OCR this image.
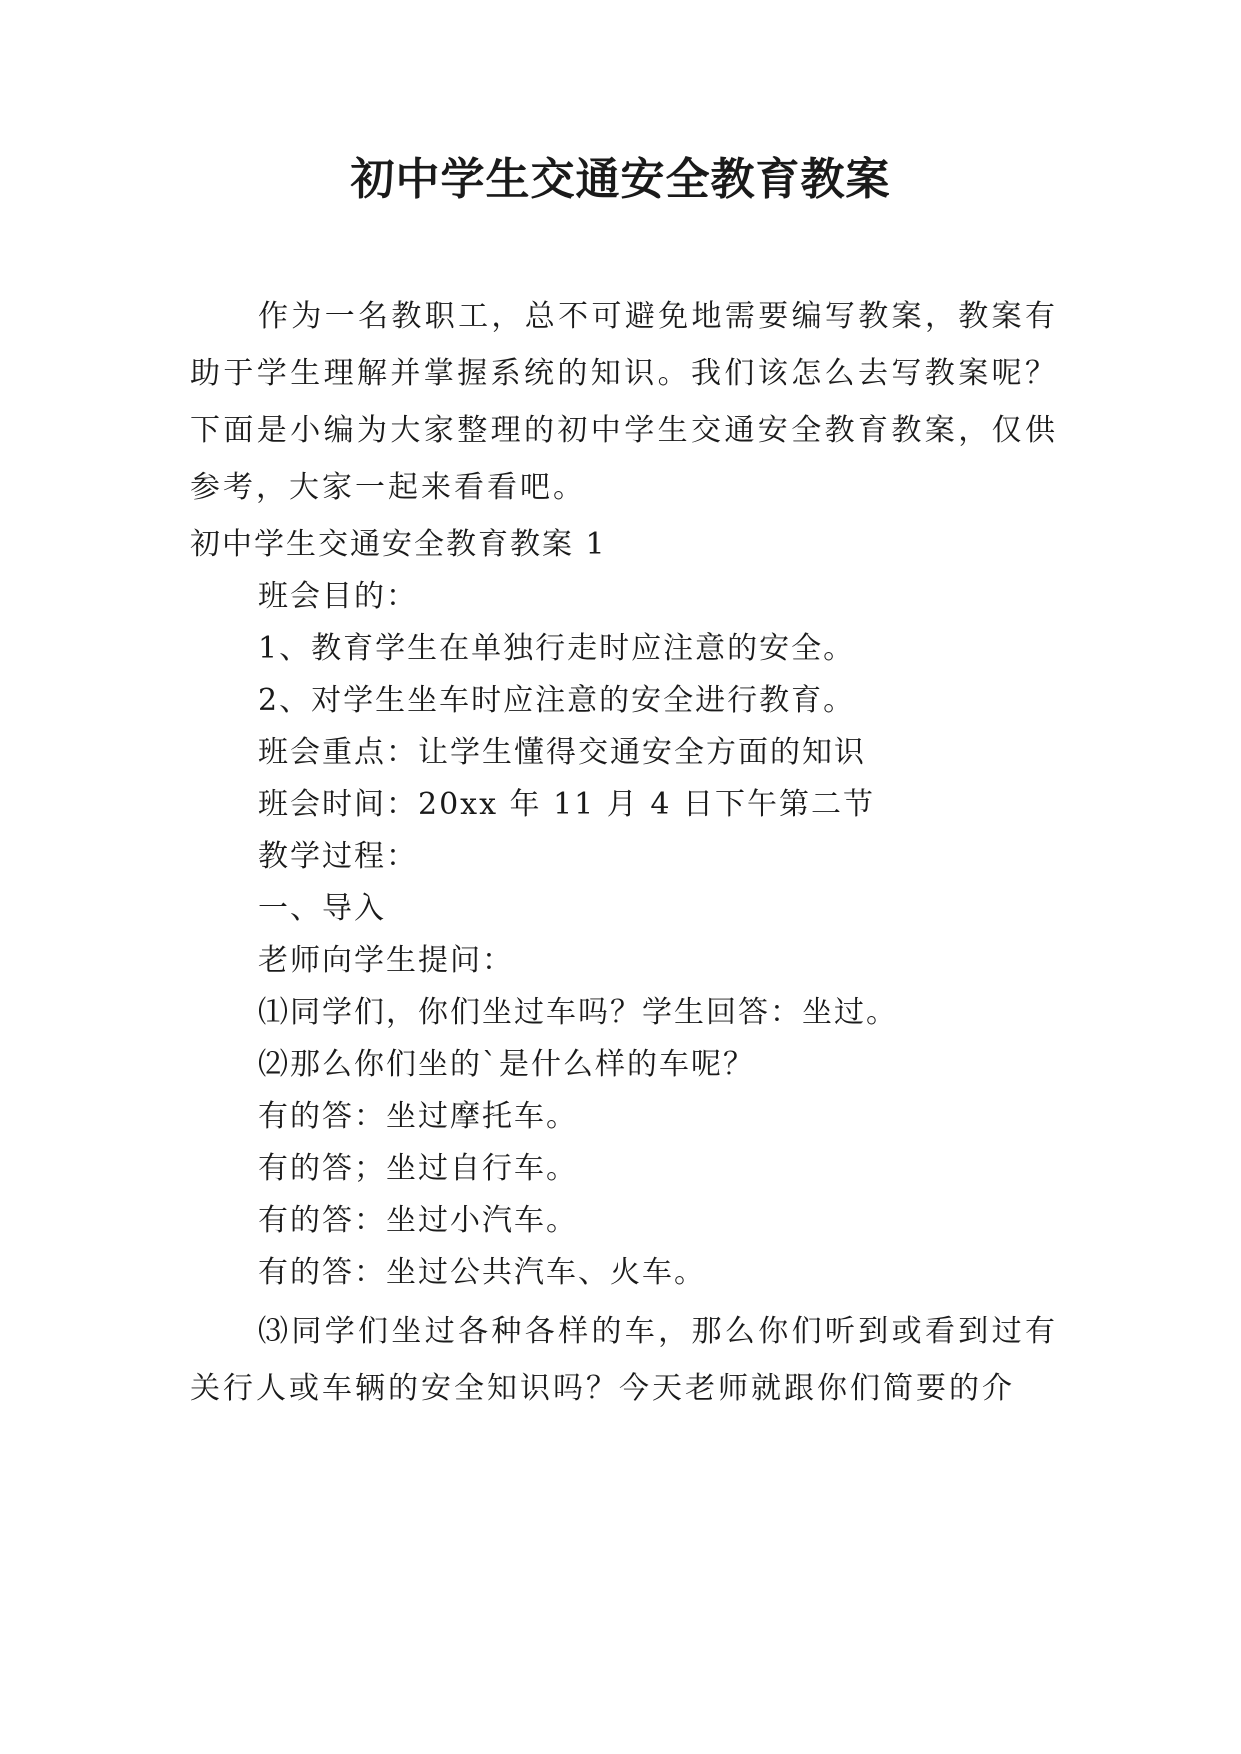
初中学生交通安全教育教案

作为一名教职工，总不可避免地需要编写教案，教案有助于学生理解并掌握系统的知识。我们该怎么去写教案呢？下面是小编为大家整理的初中学生交通安全教育教案，仅供参考，大家一起来看看吧。

初中学生交通安全教育教案 1
班会目的：
1、教育学生在单独行走时应注意的安全。
2、对学生坐车时应注意的安全进行教育。
班会重点：让学生懂得交通安全方面的知识
班会时间：20xx 年 11 月 4 日下午第二节
教学过程：
一、导入
老师向学生提问：
⑴同学们，你们坐过车吗？学生回答：坐过。
⑵那么你们坐的`是什么样的车呢？
有的答：坐过摩托车。
有的答；坐过自行车。
有的答：坐过小汽车。
有的答：坐过公共汽车、火车。

⑶同学们坐过各种各样的车，那么你们听到或看到过有关行人或车辆的安全知识吗？今天老师就跟你们简要的介
